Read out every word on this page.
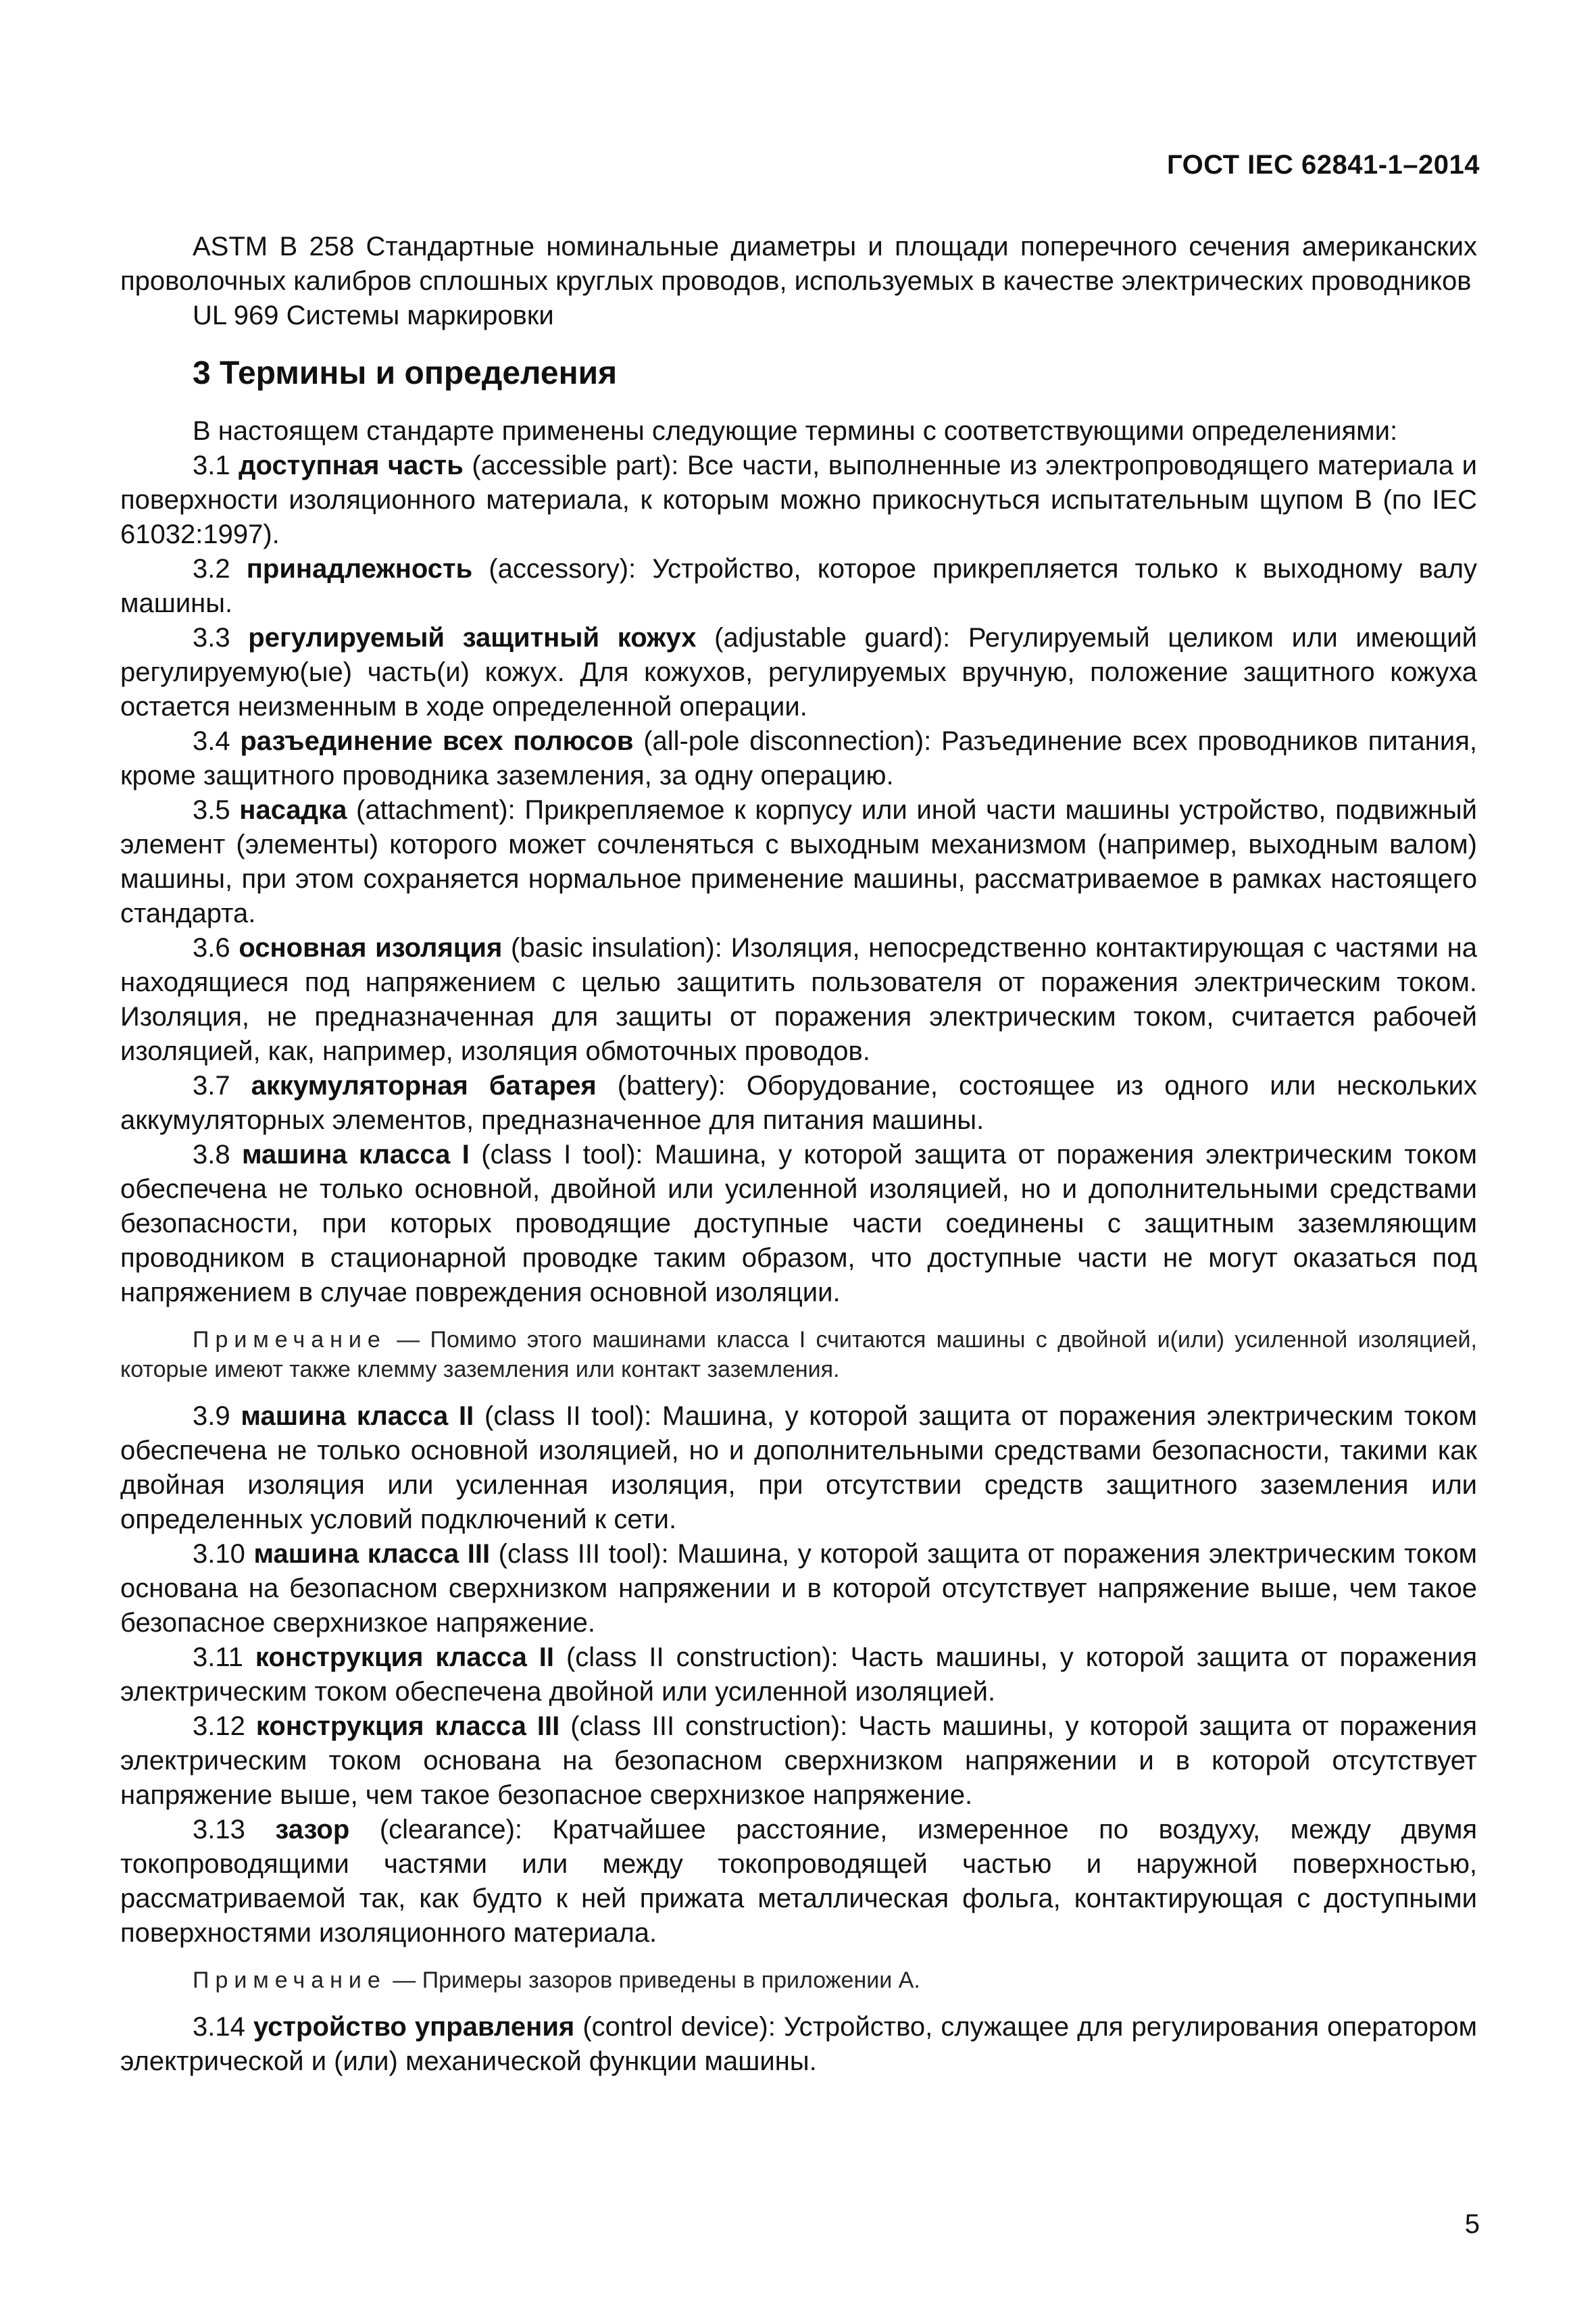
ГОСТ IEC 62841-1–2014

ASTM B 258 Стандартные номинальные диаметры и площади поперечного сечения американских проволочных калибров сплошных круглых проводов, используемых в качестве электрических проводников

UL 969 Системы маркировки

3 Термины и определения

В настоящем стандарте применены следующие термины с соответствующими определениями:

3.1 доступная часть (accessible part): Все части, выполненные из электропроводящего материала и поверхности изоляционного материала, к которым можно прикоснуться испытательным щупом B (по IEC 61032:1997).

3.2 принадлежность (accessory): Устройство, которое прикрепляется только к выходному валу машины.

3.3 регулируемый защитный кожух (adjustable guard): Регулируемый целиком или имеющий регулируемую(ые) часть(и) кожух. Для кожухов, регулируемых вручную, положение защитного кожуха остается неизменным в ходе определенной операции.

3.4 разъединение всех полюсов (all-pole disconnection): Разъединение всех проводников питания, кроме защитного проводника заземления, за одну операцию.

3.5 насадка (attachment): Прикрепляемое к корпусу или иной части машины устройство, подвижный элемент (элементы) которого может сочленяться с выходным механизмом (например, выходным валом) машины, при этом сохраняется нормальное применение машины, рассматриваемое в рамках настоящего стандарта.

3.6 основная изоляция (basic insulation): Изоляция, непосредственно контактирующая с частями на находящиеся под напряжением с целью защитить пользователя от поражения электрическим током. Изоляция, не предназначенная для защиты от поражения электрическим током, считается рабочей изоляцией, как, например, изоляция обмоточных проводов.

3.7 аккумуляторная батарея (battery): Оборудование, состоящее из одного или нескольких аккумуляторных элементов, предназначенное для питания машины.

3.8 машина класса I (class I tool): Машина, у которой защита от поражения электрическим током обеспечена не только основной, двойной или усиленной изоляцией, но и дополнительными средствами безопасности, при которых проводящие доступные части соединены с защитным заземляющим проводником в стационарной проводке таким образом, что доступные части не могут оказаться под напряжением в случае повреждения основной изоляции.

Примечание — Помимо этого машинами класса I считаются машины с двойной и(или) усиленной изоляцией, которые имеют также клемму заземления или контакт заземления.

3.9 машина класса II (class II tool): Машина, у которой защита от поражения электрическим током обеспечена не только основной изоляцией, но и дополнительными средствами безопасности, такими как двойная изоляция или усиленная изоляция, при отсутствии средств защитного заземления или определенных условий подключений к сети.

3.10 машина класса III (class III tool): Машина, у которой защита от поражения электрическим током основана на безопасном сверхнизком напряжении и в которой отсутствует напряжение выше, чем такое безопасное сверхнизкое напряжение.

3.11 конструкция класса II (class II construction): Часть машины, у которой защита от поражения электрическим током обеспечена двойной или усиленной изоляцией.

3.12 конструкция класса III (class III construction): Часть машины, у которой защита от поражения электрическим током основана на безопасном сверхнизком напряжении и в которой отсутствует напряжение выше, чем такое безопасное сверхнизкое напряжение.

3.13 зазор (clearance): Кратчайшее расстояние, измеренное по воздуху, между двумя токопроводящими частями или между токопроводящей частью и наружной поверхностью, рассматриваемой так, как будто к ней прижата металлическая фольга, контактирующая с доступными поверхностями изоляционного материала.

Примечание — Примеры зазоров приведены в приложении А.

3.14 устройство управления (control device): Устройство, служащее для регулирования оператором электрической и (или) механической функции машины.

5
